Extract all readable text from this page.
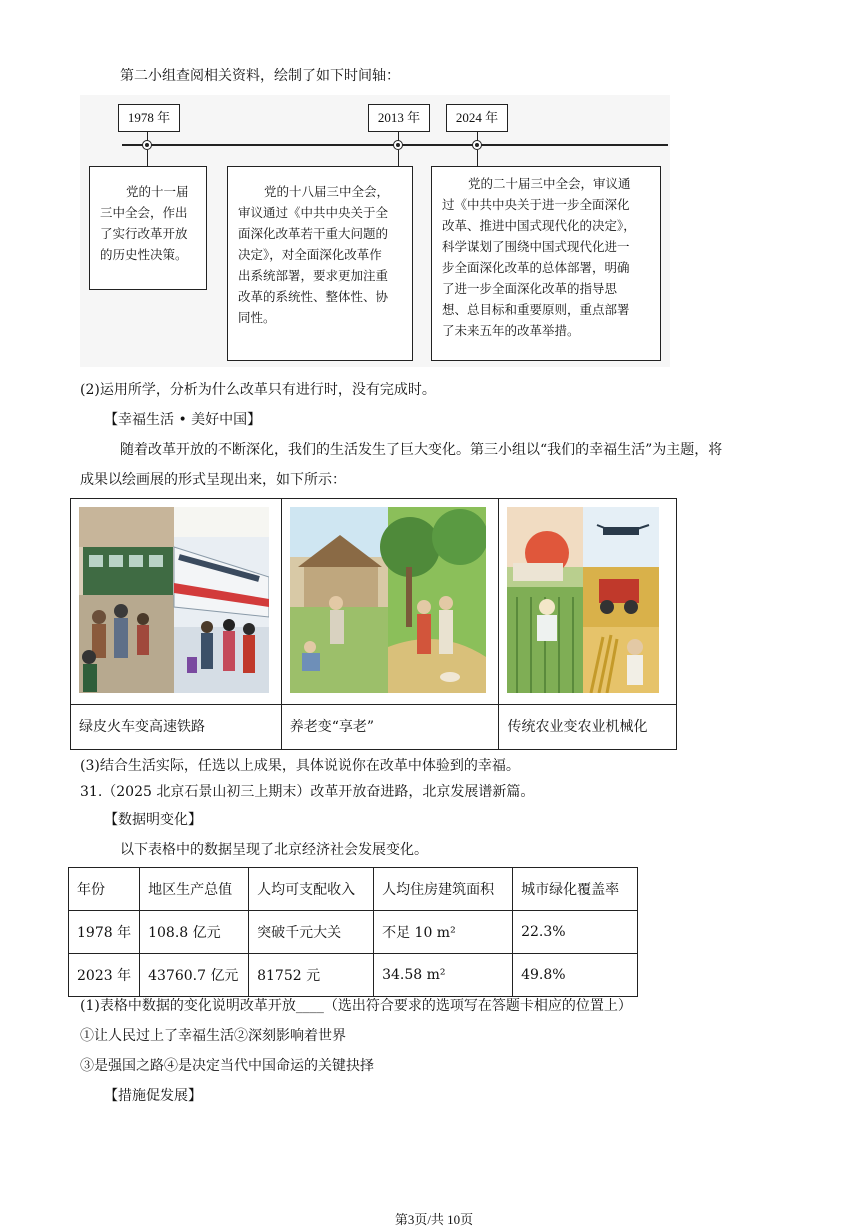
第二小组查阅相关资料，绘制了如下时间轴：
1978 年	2013 年	2024 年
党的十一届
三中全会，作出
了实行改革开放
的历史性决策。
党的十八届三中全会，
审议通过《中共中央关于全
面深化改革若干重大问题的
决定》，对全面深化改革作
出系统部署，要求更加注重
改革的系统性、整体性、协
同性。
党的二十届三中全会，审议通
过《中共中央关于进一步全面深化
改革、推进中国式现代化的决定》，
科学谋划了围绕中国式现代化进一
步全面深化改革的总体部署，明确
了进一步全面深化改革的指导思
想、总目标和重要原则，重点部署
了未来五年的改革举措。
(2)运用所学，分析为什么改革只有进行时，没有完成时。
【幸福生活 • 美好中国】
随着改革开放的不断深化，我们的生活发生了巨大变化。第三小组以“我们的幸福生活”为主题，将
成果以绘画展的形式呈现出来，如下所示：

绿皮火车变高速铁路	养老变“享老”	传统农业变农业机械化
(3)结合生活实际，任选以上成果，具体说说你在改革中体验到的幸福。
31.（2025 北京石景山初三上期末）改革开放奋进路，北京发展谱新篇。
【数据明变化】
以下表格中的数据呈现了北京经济社会发展变化。
年份	地区生产总值	人均可支配收入	人均住房建筑面积	城市绿化覆盖率
1978 年	108.8 亿元	突破千元大关	不足 10 m²	22.3%
2023 年	43760.7 亿元	81752 元	34.58 m²	49.8%
(1)表格中数据的变化说明改革开放____（选出符合要求的选项写在答题卡相应的位置上）
①让人民过上了幸福生活②深刻影响着世界
③是强国之路④是决定当代中国命运的关键抉择
【措施促发展】
第3页/共 10页
